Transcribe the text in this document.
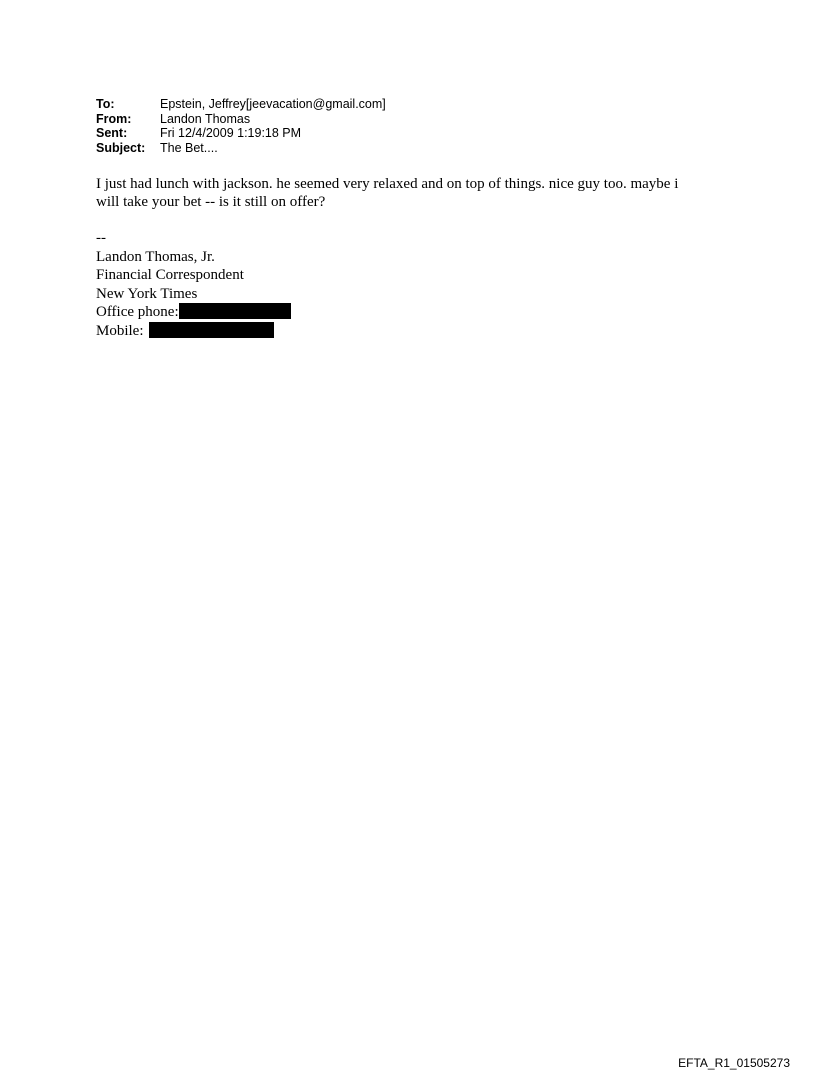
To:	Epstein, Jeffrey[jeevacation@gmail.com]
From:	Landon Thomas
Sent:	Fri 12/4/2009 1:19:18 PM
Subject:	The Bet....
I just had lunch with jackson. he seemed very relaxed and on top of things. nice guy too. maybe i
will take your bet -- is it still on offer?
--
Landon Thomas, Jr.
Financial Correspondent
New York Times
Office phone:
Mobile:
EFTA_R1_01505273
